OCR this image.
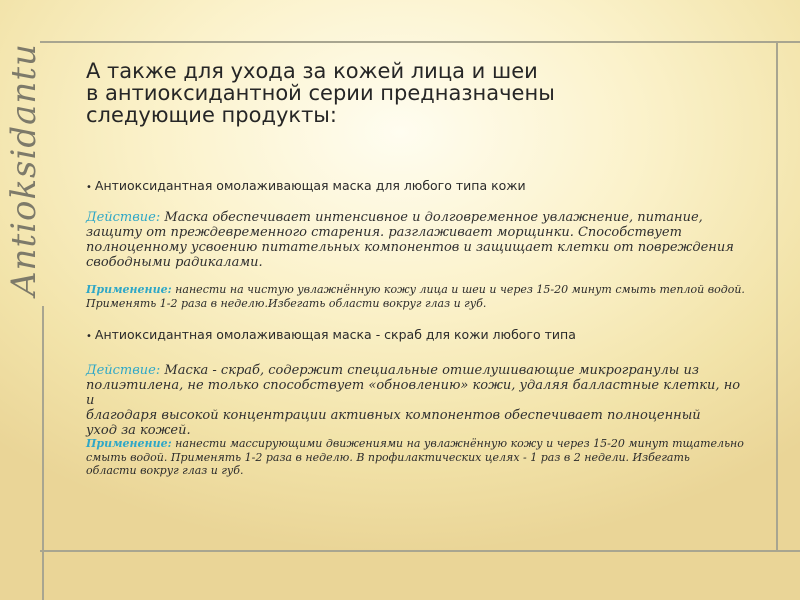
Antioksidantu А также для ухода за кожей лица и шеи
в антиоксидантной серии предназначены
следующие продукты:
• Антиоксидантная омолаживающая маска для любого типа кожи
Действие: Маска обеспечивает интенсивное и долговременное увлажнение, питание,
защиту от преждевременного старения. разглаживает морщинки. Способствует
полноценному усвоению питательных компонентов и защищает клетки от повреждения
свободными радикалами.
Применение: нанести на чистую увлажнённую кожу лица и шеи и через 15-20 минут смыть теплой водой.
Применять 1-2 раза в неделю.Избегать области вокруг глаз и губ.
• Антиоксидантная омолаживающая маска - скраб для кожи любого типа
Действие: Маска - скраб, содержит специальные отшелушивающие микрогранулы из
полиэтилена, не только способствует «обновлению» кожи, удаляя балластные клетки, но и
благодаря высокой концентрации активных компонентов обеспечивает полноценный
уход за кожей.
Применение: нанести массирующими движениями на увлажнённую кожу и через 15-20 минут тщательно
смыть водой. Применять 1-2 раза в неделю. В профилактических целях - 1 раз в 2 недели. Избегать
области вокруг глаз и губ.
